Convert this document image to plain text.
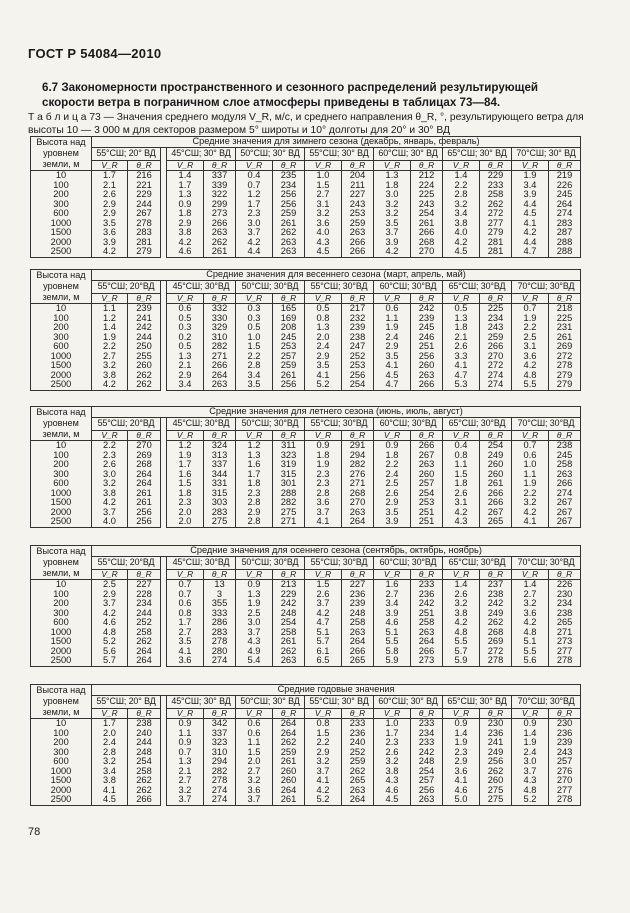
ГОСТ Р 54084—2010
6.7 Закономерности пространственного и сезонного распределений результирующей скорости ветра в пограничном слое атмосферы приведены в таблицах 73—84.
Т а б л и ц а 73 — Значения среднего модуля V_R, м/с, и среднего направления θ_R, °, результирующего ветра для высоты 10 — 3 000 м для секторов размером 5° широты и 10° долготы для 20° и 30° ВД
Высота над уровнем земли, м	Средние значения для зимнего сезона (декабрь, январь, февраль)														
	55°СШ; 20° ВД			45°СШ; 30° ВД		50°СШ; 30° ВД		55°СШ; 30° ВД		60°СШ; 30° ВД		65°СШ; 30° ВД		70°СШ; 30° ВД	
	V_R	θ_R		V_R	θ_R	V_R	θ_R	V_R	θ_R	V_R	θ_R	V_R	θ_R	V_R	θ_R
10	1.7	216		1.4	337	0.4	235	1.0	204	1.3	212	1.4	229	1.9	219
100	2.1	221		1.7	339	0.7	234	1.5	211	1.8	224	2.2	233	3.4	226
200	2.6	229		1.3	322	1.2	256	2.7	227	3.0	225	2.8	258	3.9	245
300	2.9	244		0.9	299	1.7	256	3.1	243	3.2	243	3.2	262	4.4	264
600	2.9	267		1.8	273	2.3	259	3.2	253	3.2	254	3.4	272	4.5	274
1000	3.5	278		2.9	266	3.0	261	3.6	259	3.5	261	3.8	277	4.1	283
1500	3.6	283		3.8	263	3.7	262	4.0	263	3.7	266	4.0	279	4.2	287
2000	3.9	281		4.2	262	4.2	263	4.3	266	3.9	268	4.2	281	4.4	288
2500	4.2	279		4.6	261	4.4	263	4.5	266	4.2	270	4.5	281	4.7	288
Высота над уровнем земли, м	Средние значения для весеннего сезона (март, апрель, май)														
	55°СШ; 20°ВД			45°СШ; 30°ВД		50°СШ; 30°ВД		55°СШ; 30°ВД		60°СШ; 30°ВД		65°СШ; 30°ВД		70°СШ; 30°ВД	
	V_R	θ_R		V_R	θ_R	V_R	θ_R	V_R	θ_R	V_R	θ_R	V_R	θ_R	V_R	θ_R
10	1.1	239		0.6	332	0.3	165	0.5	217	0.6	242	0.5	225	0.7	218
100	1.2	241		0.5	330	0.3	169	0.8	232	1.1	239	1.3	234	1.9	225
200	1.4	242		0.3	329	0.5	208	1.3	239	1.9	245	1.8	243	2.2	231
300	1.9	244		0.2	310	1.0	245	2.0	238	2.4	246	2.1	259	2.5	261
600	2.2	250		0.5	282	1.5	253	2.4	247	2.9	251	2.6	266	3.1	269
1000	2.7	255		1.3	271	2.2	257	2.9	252	3.5	256	3.3	270	3.6	272
1500	3.2	260		2.1	266	2.8	259	3.5	253	4.1	260	4.1	272	4.2	278
2000	3.8	262		2.9	264	3.4	261	4.1	256	4.5	263	4.7	274	4.8	279
2500	4.2	262		3.4	263	3.5	256	5.2	254	4.7	266	5.3	274	5.5	279
Высота над уровнем земли, м	Средние значения для летнего сезона (июнь, июль, август)														
	55°СШ; 20°ВД			45°СШ; 30°ВД		50°СШ; 30°ВД		55°СШ; 30°ВД		60°СШ; 30°ВД		65°СШ; 30°ВД		70°СШ; 30°ВД	
	V_R	θ_R		V_R	θ_R	V_R	θ_R	V_R	θ_R	V_R	θ_R	V_R	θ_R	V_R	θ_R
10	2.2	270		1.2	324	1.2	311	0.9	291	0.9	266	0.4	254	0.7	238
100	2.3	269		1.9	313	1.3	323	1.8	294	1.8	267	0.8	249	0.6	245
200	2.6	268		1.7	337	1.6	319	1.9	282	2.2	263	1.1	260	1.0	258
300	3.0	264		1.6	344	1.7	315	2.3	276	2.4	260	1.5	260	1.1	263
600	3.2	264		1.5	331	1.8	301	2.3	271	2.5	257	1.8	261	1.9	266
1000	3.8	261		1.8	315	2.3	288	2.8	268	2.6	254	2.6	266	2.2	274
1500	4.2	261		2.3	303	2.8	282	3.6	270	2.9	253	3.1	266	3.2	267
2000	3.7	256		2.0	283	2.9	275	3.7	263	3.5	251	4.2	267	4.2	267
2500	4.0	256		2.0	275	2.8	271	4.1	264	3.9	251	4.3	265	4.1	267
Высота над уровнем земли, м	Средние значения для осеннего сезона (сентябрь, октябрь, ноябрь)														
	55°СШ; 20°ВД			45°СШ; 30°ВД		50°СШ; 30°ВД		55°СШ; 30°ВД		60°СШ; 30°ВД		65°СШ; 30°ВД		70°СШ; 30°ВД	
	V_R	θ_R		V_R	θ_R	V_R	θ_R	V_R	θ_R	V_R	θ_R	V_R	θ_R	V_R	θ_R
10	2.5	227		0.7	13	0.9	213	1.5	227	1.6	233	1.4	237	1.4	226
100	2.9	228		0.7	3	1.3	229	2.6	236	2.7	236	2.6	238	2.7	230
200	3.7	234		0.6	355	1.9	242	3.7	239	3.4	242	3.2	242	3.2	234
300	4.2	244		0.8	333	2.5	248	4.2	248	3.9	251	3.8	249	3.6	238
600	4.6	252		1.7	286	3.0	254	4.7	258	4.6	258	4.2	262	4.2	265
1000	4.8	258		2.7	283	3.7	258	5.1	263	5.1	263	4.8	268	4.8	271
1500	5.2	262		3.5	278	4.3	261	5.7	264	5.5	264	5.5	269	5.1	273
2000	5.6	264		4.1	280	4.9	262	6.1	266	5.8	266	5.7	272	5.5	277
2500	5.7	264		3.6	274	5.4	263	6.5	265	5.9	273	5.9	278	5.6	278
Высота над уровнем земли, м	Средние годовые значения														
	55°СШ; 20° ВД			45°СШ; 30° ВД		50°СШ; 30° ВД		55°СШ; 30° ВД		60°СШ; 30° ВД		65°СШ; 30° ВД		70°СШ; 30°ВД	
	V_R	θ_R		V_R	θ_R	V_R	θ_R	V_R	θ_R	V_R	θ_R	V_R	θ_R	V_R	θ_R
10	1.7	238		0.9	342	0.6	264	0.8	233	1.0	233	0.9	230	0.9	230
100	2.0	240		1.1	337	0.6	264	1.5	236	1.7	234	1.4	236	1.4	236
200	2.4	244		0.9	323	1.1	262	2.2	240	2.3	233	1.9	241	1.9	239
300	2.8	248		0.7	310	1.5	259	2.9	252	2.6	242	2.3	249	2.4	243
600	3.2	254		1.3	294	2.0	261	3.2	259	3.2	248	2.9	256	3.0	257
1000	3.4	258		2.1	282	2.7	260	3.7	262	3.8	254	3.6	262	3.7	276
1500	3.8	262		2.7	278	3.2	260	4.1	265	4.3	257	4.1	260	4.3	270
2000	4.1	262		3.2	274	3.6	264	4.2	263	4.6	256	4.6	275	4.8	277
2500	4.5	266		3.7	274	3.7	261	5.2	264	4.5	263	5.0	275	5.2	278
78
